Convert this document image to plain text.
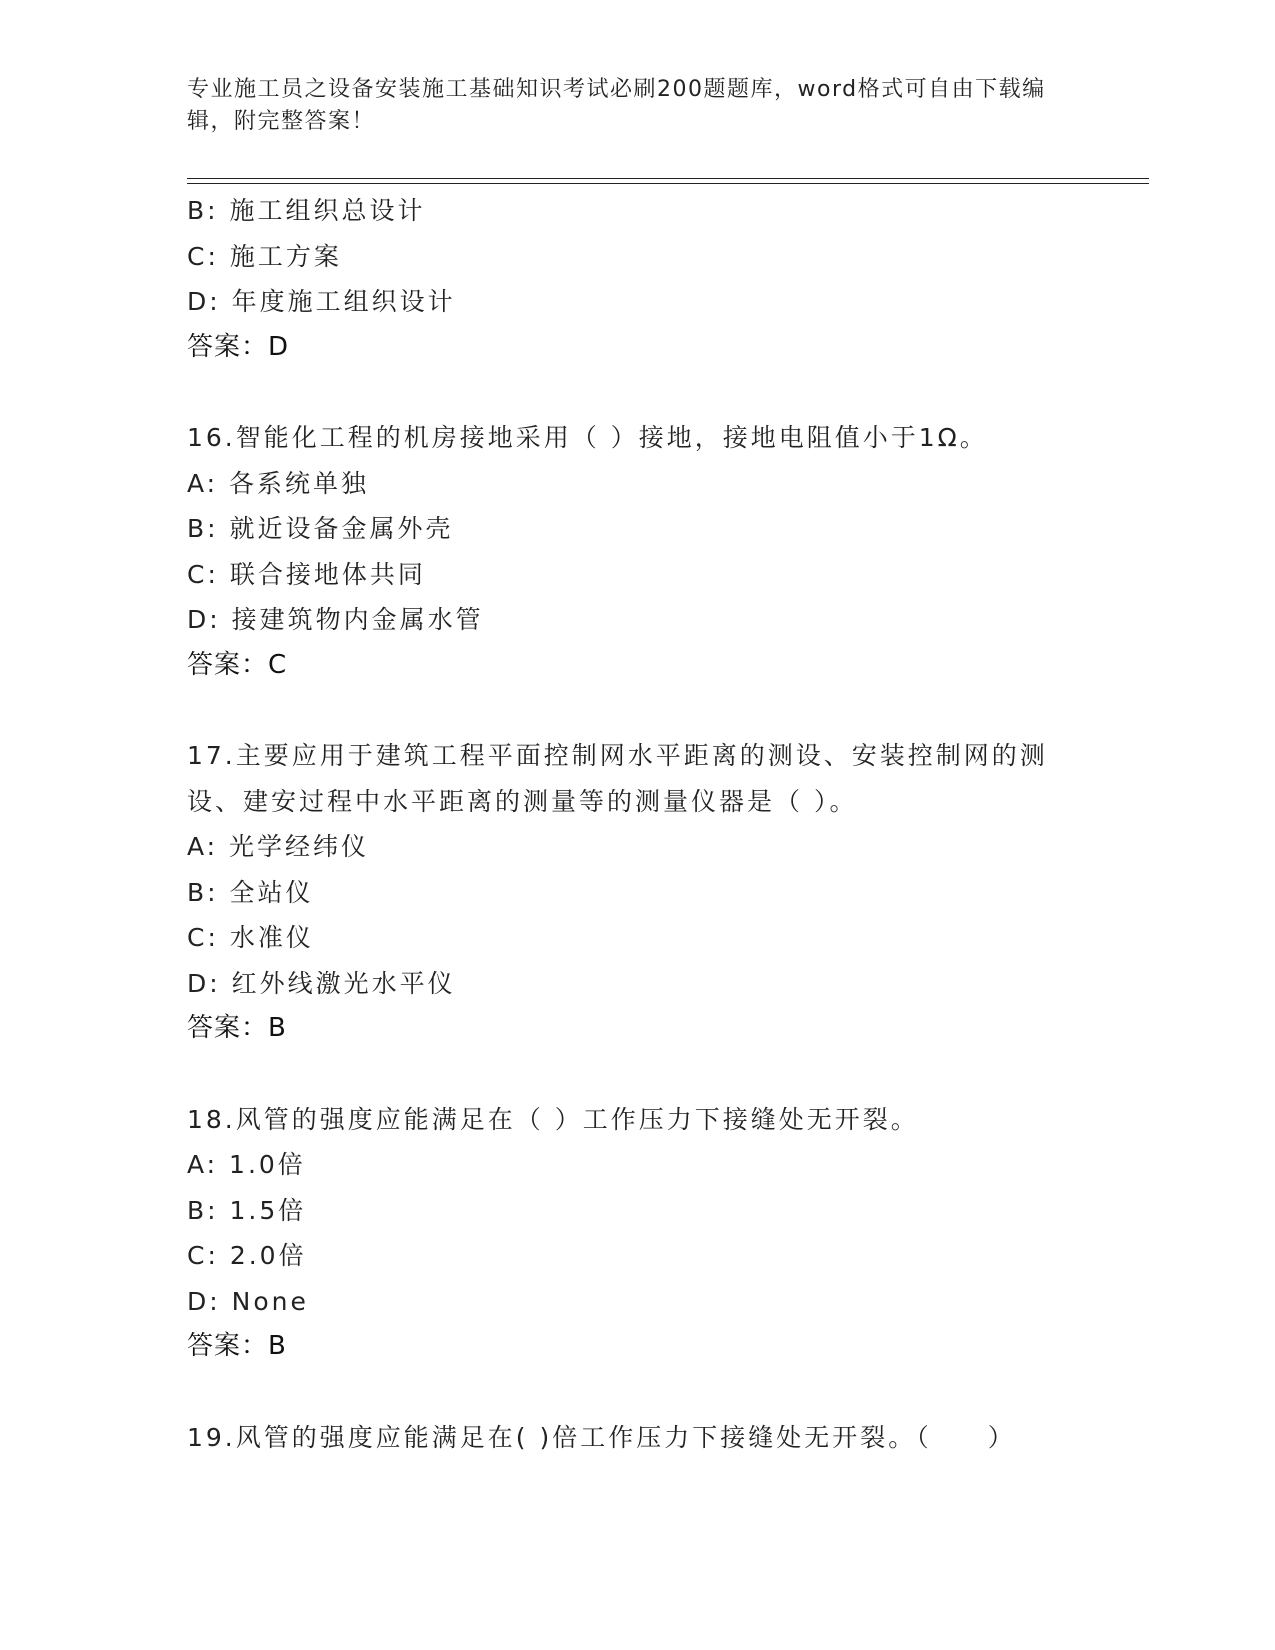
专业施工员之设备安装施工基础知识考试必刷200题题库，word格式可自由下载编辑，附完整答案！
B: 施工组织总设计
C: 施工方案
D: 年度施工组织设计
答案：D
16.智能化工程的机房接地采用（ ）接地，接地电阻值小于1Ω。
A: 各系统单独
B: 就近设备金属外壳
C: 联合接地体共同
D: 接建筑物内金属水管
答案：C
17.主要应用于建筑工程平面控制网水平距离的测设、安装控制网的测设、建安过程中水平距离的测量等的测量仪器是（ ）。
A: 光学经纬仪
B: 全站仪
C: 水准仪
D: 红外线激光水平仪
答案：B
18.风管的强度应能满足在（ ）工作压力下接缝处无开裂。
A: 1.0倍
B: 1.5倍
C: 2.0倍
D: None
答案：B
19.风管的强度应能满足在( )倍工作压力下接缝处无开裂。（　　）
